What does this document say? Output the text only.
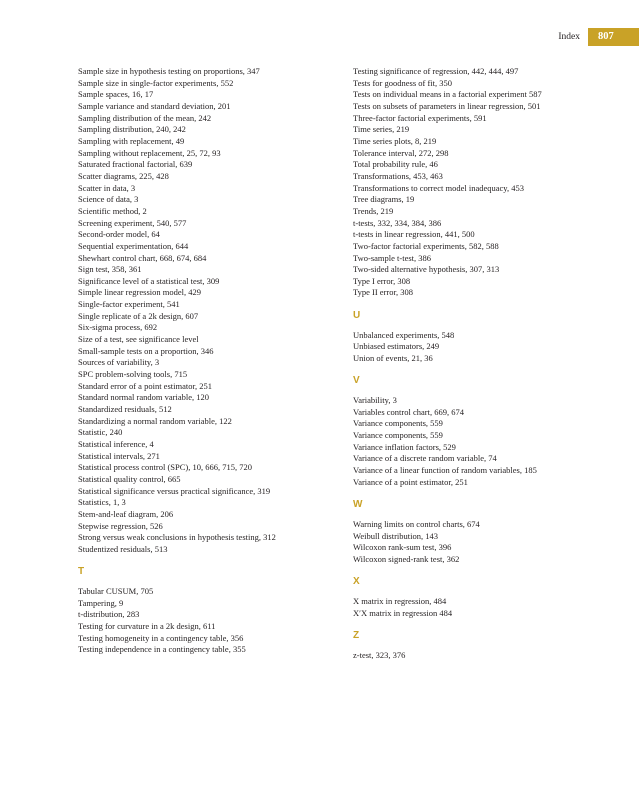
Index	807
Sample size in hypothesis testing on proportions, 347
Sample size in single-factor experiments, 552
Sample spaces, 16, 17
Sample variance and standard deviation, 201
Sampling distribution of the mean, 242
Sampling distribution, 240, 242
Sampling with replacement, 49
Sampling without replacement, 25, 72, 93
Saturated fractional factorial, 639
Scatter diagrams, 225, 428
Scatter in data, 3
Science of data, 3
Scientific method, 2
Screening experiment, 540, 577
Second-order model, 64
Sequential experimentation, 644
Shewhart control chart, 668, 674, 684
Sign test, 358, 361
Significance level of a statistical test, 309
Simple linear regression model, 429
Single-factor experiment, 541
Single replicate of a 2k design, 607
Six-sigma process, 692
Size of a test, see significance level
Small-sample tests on a proportion, 346
Sources of variability, 3
SPC problem-solving tools, 715
Standard error of a point estimator, 251
Standard normal random variable, 120
Standardized residuals, 512
Standardizing a normal random variable, 122
Statistic, 240
Statistical inference, 4
Statistical intervals, 271
Statistical process control (SPC), 10, 666, 715, 720
Statistical quality control, 665
Statistical significance versus practical significance, 319
Statistics, 1, 3
Stem-and-leaf diagram, 206
Stepwise regression, 526
Strong versus weak conclusions in hypothesis testing, 312
Studentized residuals, 513
T
Tabular CUSUM, 705
Tampering, 9
t-distribution, 283
Testing for curvature in a 2k design, 611
Testing homogeneity in a contingency table, 356
Testing independence in a contingency table, 355
Testing significance of regression, 442, 444, 497
Tests for goodness of fit, 350
Tests on individual means in a factorial experiment 587
Tests on subsets of parameters in linear regression, 501
Three-factor factorial experiments, 591
Time series, 219
Time series plots, 8, 219
Tolerance interval, 272, 298
Total probability rule, 46
Transformations, 453, 463
Transformations to correct model inadequacy, 453
Tree diagrams, 19
Trends, 219
t-tests, 332, 334, 384, 386
t-tests in linear regression, 441, 500
Two-factor factorial experiments, 582, 588
Two-sample t-test, 386
Two-sided alternative hypothesis, 307, 313
Type I error, 308
Type II error, 308
U
Unbalanced experiments, 548
Unbiased estimators, 249
Union of events, 21, 36
V
Variability, 3
Variables control chart, 669, 674
Variance components, 559
Variance components, 559
Variance inflation factors, 529
Variance of a discrete random variable, 74
Variance of a linear function of random variables, 185
Variance of a point estimator, 251
W
Warning limits on control charts, 674
Weibull distribution, 143
Wilcoxon rank-sum test, 396
Wilcoxon signed-rank test, 362
X
X matrix in regression, 484
X′X matrix in regression 484
Z
z-test, 323, 376
